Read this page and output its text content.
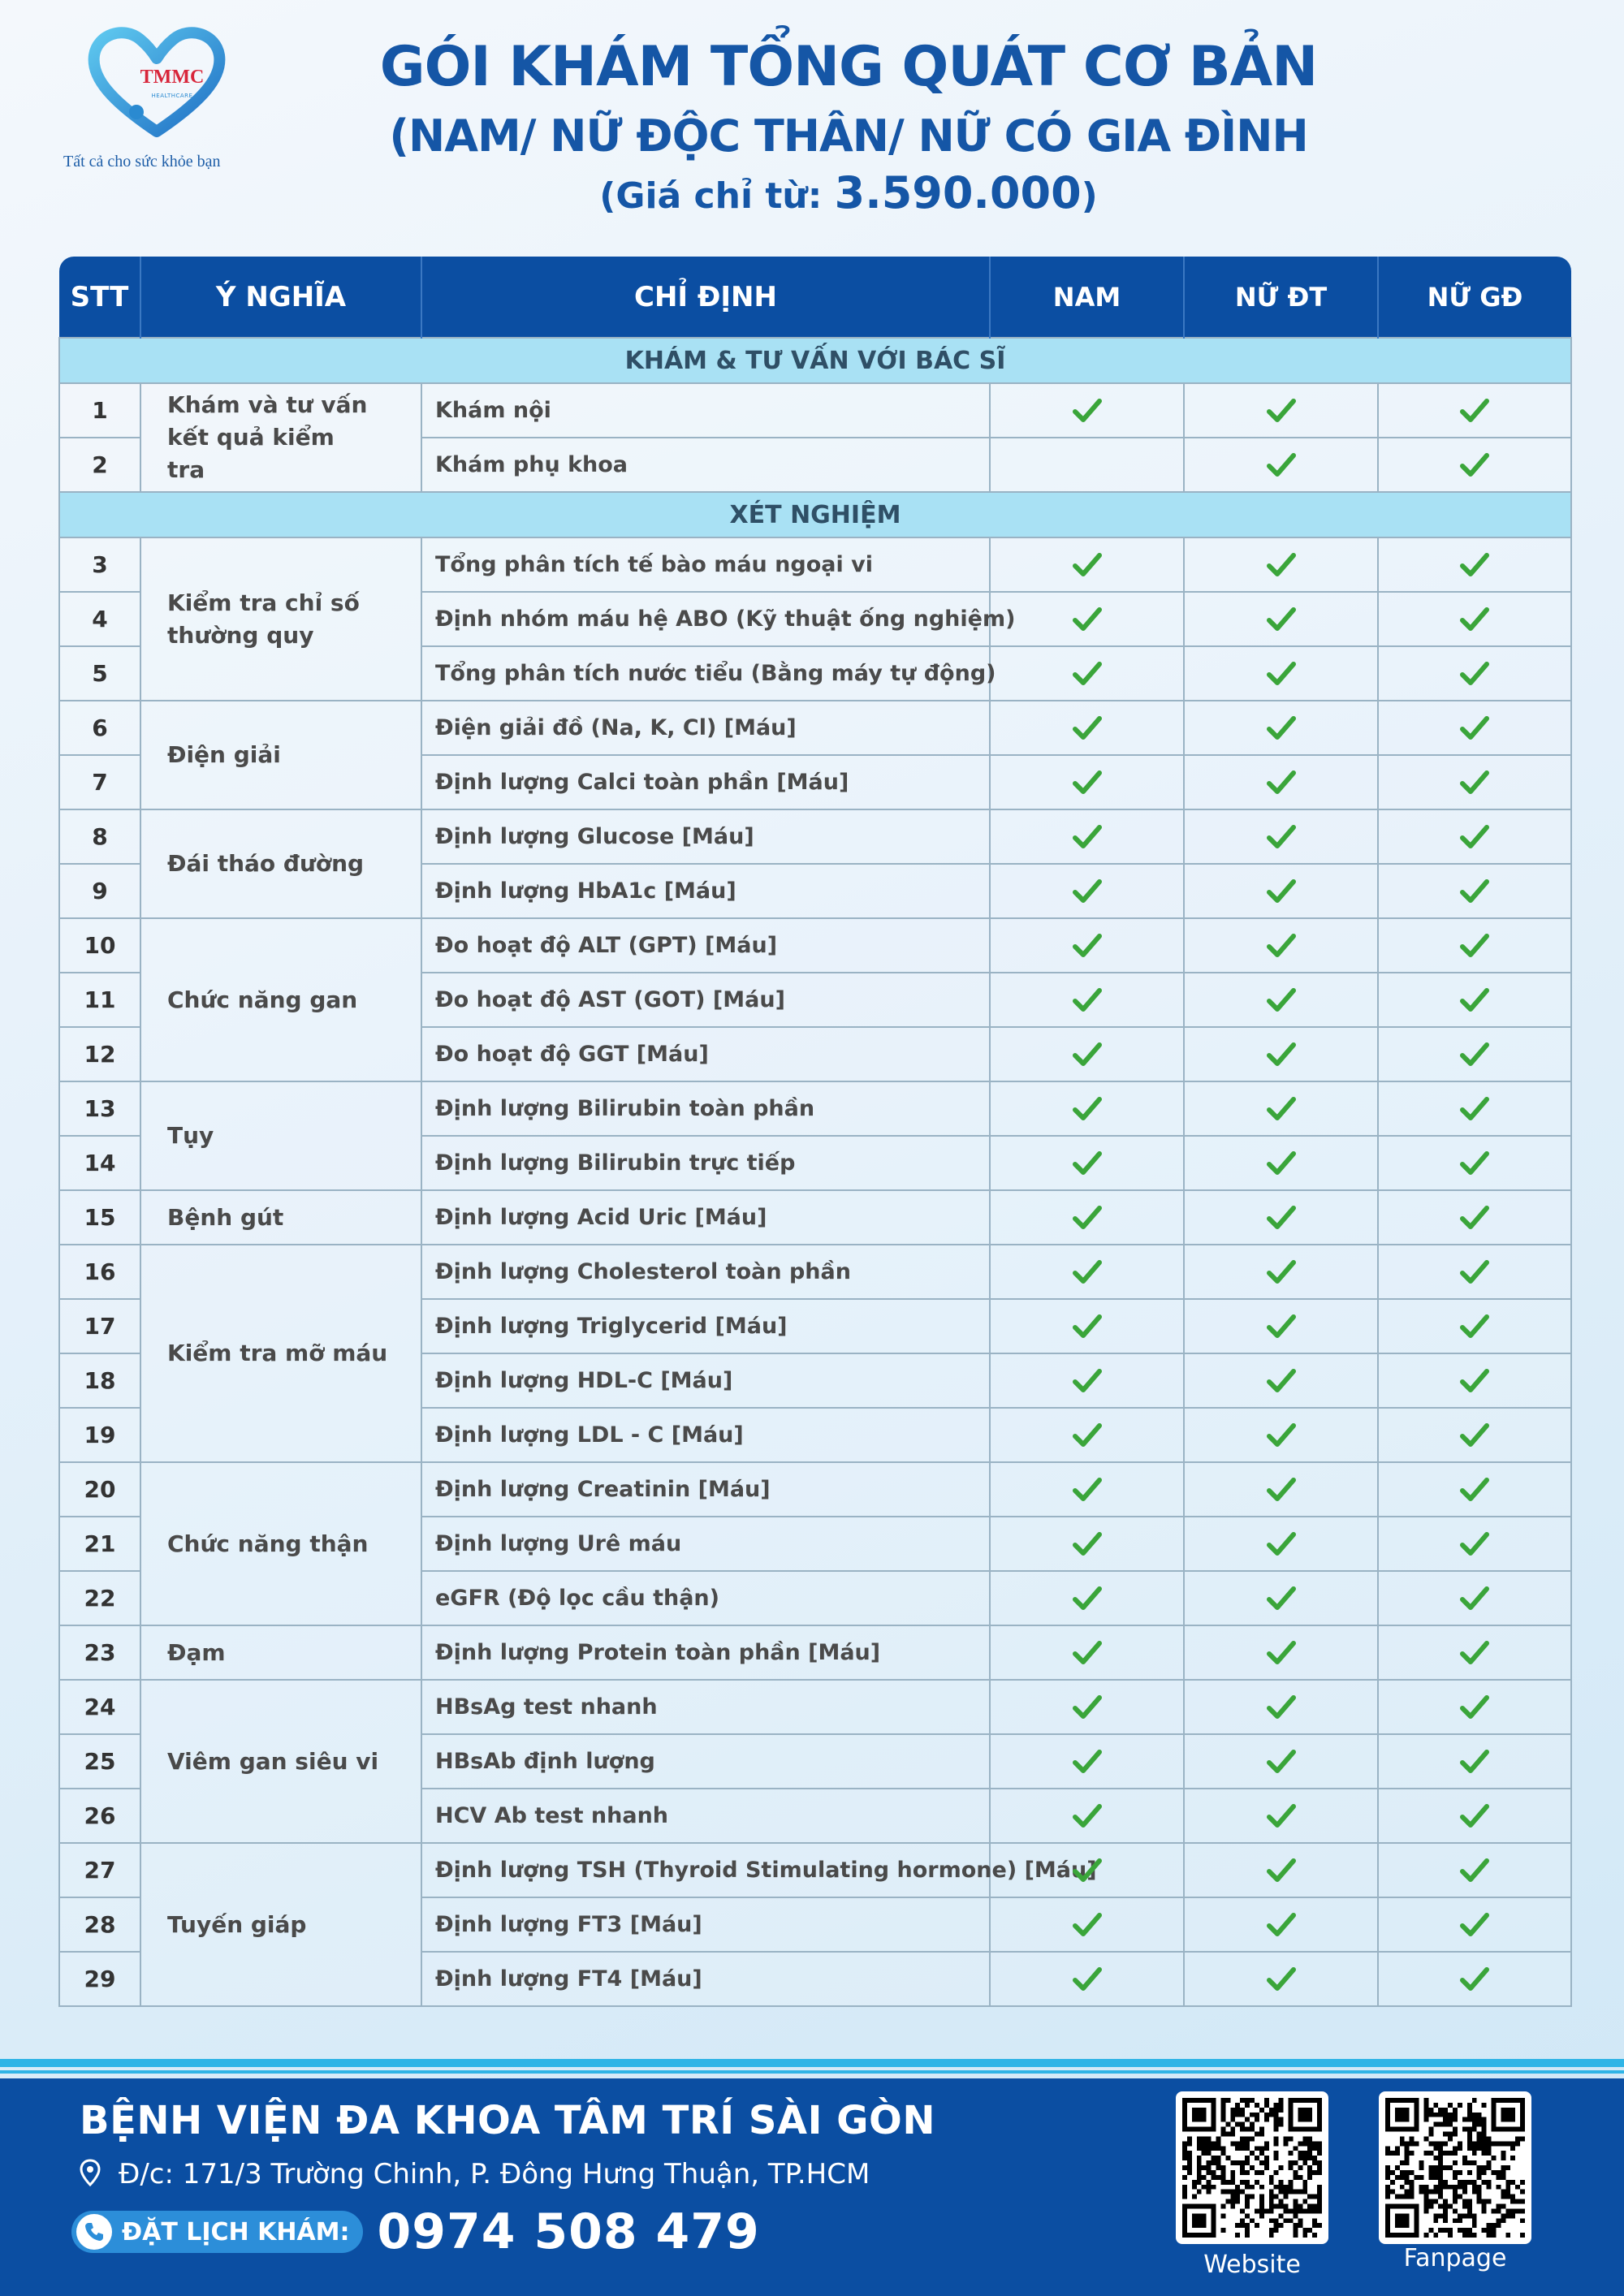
TMMC
HEALTHCARE
Tất cả cho sức khỏe bạn
GÓI KHÁM TỔNG QUÁT CƠ BẢN
(NAM/ NỮ ĐỘC THÂN/ NỮ CÓ GIA ĐÌNH
(Giá chỉ từ: 3.590.000)
STT	Ý NGHĨA	CHỈ ĐỊNH	NAM	NỮ ĐT	NỮ GĐ
KHÁM & TƯ VẤN VỚI BÁC SĨ					
1	Khám và tư vấn kết quả kiểm tra	Khám nội			
2		Khám phụ khoa			
XÉT NGHIỆM					
3	Kiểm tra chỉ số thường quy	Tổng phân tích tế bào máu ngoại vi			
4		Định nhóm máu hệ ABO (Kỹ thuật ống nghiệm)			
5		Tổng phân tích nước tiểu (Bằng máy tự động)			
6	Điện giải	Điện giải đồ (Na, K, Cl) [Máu]			
7		Định lượng Calci toàn phần [Máu]			
8	Đái tháo đường	Định lượng Glucose [Máu]			
9		Định lượng HbA1c [Máu]			
10	Chức năng gan	Đo hoạt độ ALT (GPT) [Máu]			
11		Đo hoạt độ AST (GOT) [Máu]			
12		Đo hoạt độ GGT [Máu]			
13	Tụy	Định lượng Bilirubin toàn phần			
14		Định lượng Bilirubin trực tiếp			
15	Bệnh gút	Định lượng Acid Uric [Máu]			
16	Kiểm tra mỡ máu	Định lượng Cholesterol toàn phần			
17		Định lượng Triglycerid [Máu]			
18		Định lượng HDL-C [Máu]			
19		Định lượng LDL - C [Máu]			
20	Chức năng thận	Định lượng Creatinin [Máu]			
21		Định lượng Urê máu			
22		eGFR (Độ lọc cầu thận)			
23	Đạm	Định lượng Protein toàn phần [Máu]			
24	Viêm gan siêu vi	HBsAg test nhanh			
25		HBsAb định lượng			
26		HCV Ab test nhanh			
27	Tuyến giáp	Định lượng TSH (Thyroid Stimulating hormone) [Máu]			
28		Định lượng FT3 [Máu]			
29		Định lượng FT4 [Máu]			
BỆNH VIỆN ĐA KHOA TÂM TRÍ SÀI GÒN
Đ/c: 171/3 Trường Chinh, P. Đông Hưng Thuận, TP.HCM
ĐẶT LỊCH KHÁM: 0974 508 479
Website	Fanpage
